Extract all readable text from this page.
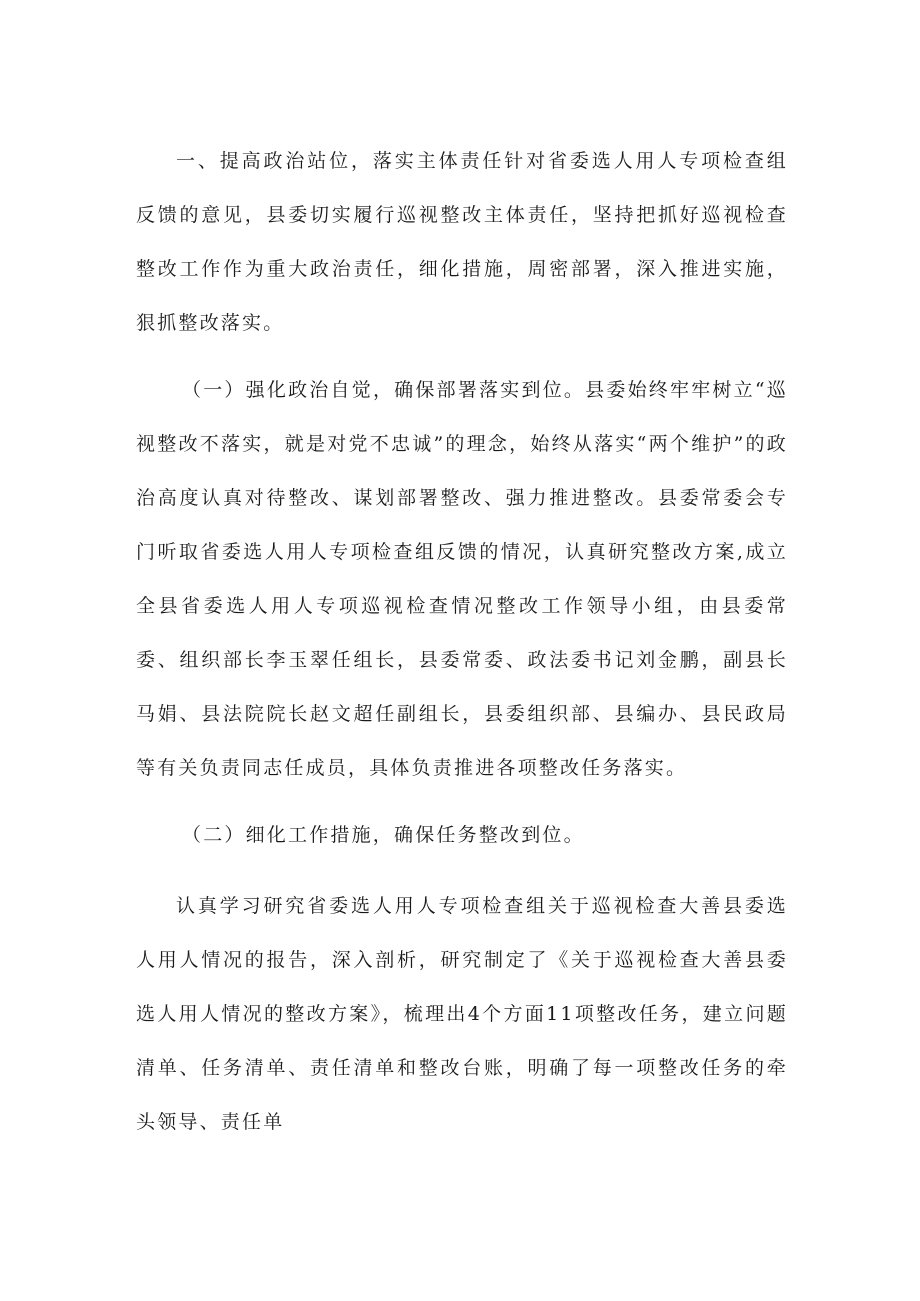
一、提高政治站位，落实主体责任针对省委选人用人专项检查组反馈的意见，县委切实履行巡视整改主体责任，坚持把抓好巡视检查整改工作作为重大政治责任，细化措施，周密部署，深入推进实施，狠抓整改落实。

（一）强化政治自觉，确保部署落实到位。县委始终牢牢树立“巡视整改不落实，就是对党不忠诚”的理念，始终从落实“两个维护”的政治高度认真对待整改、谋划部署整改、强力推进整改。县委常委会专门听取省委选人用人专项检查组反馈的情况，认真研究整改方案,成立全县省委选人用人专项巡视检查情况整改工作领导小组，由县委常委、组织部长李玉翠任组长，县委常委、政法委书记刘金鹏，副县长马娟、县法院院长赵文超任副组长，县委组织部、县编办、县民政局等有关负责同志任成员，具体负责推进各项整改任务落实。

（二）细化工作措施，确保任务整改到位。

认真学习研究省委选人用人专项检查组关于巡视检查大善县委选人用人情况的报告，深入剖析，研究制定了《关于巡视检查大善县委选人用人情况的整改方案》，梳理出4个方面11项整改任务，建立问题清单、任务清单、责任清单和整改台账，明确了每一项整改任务的牵头领导、责任单
